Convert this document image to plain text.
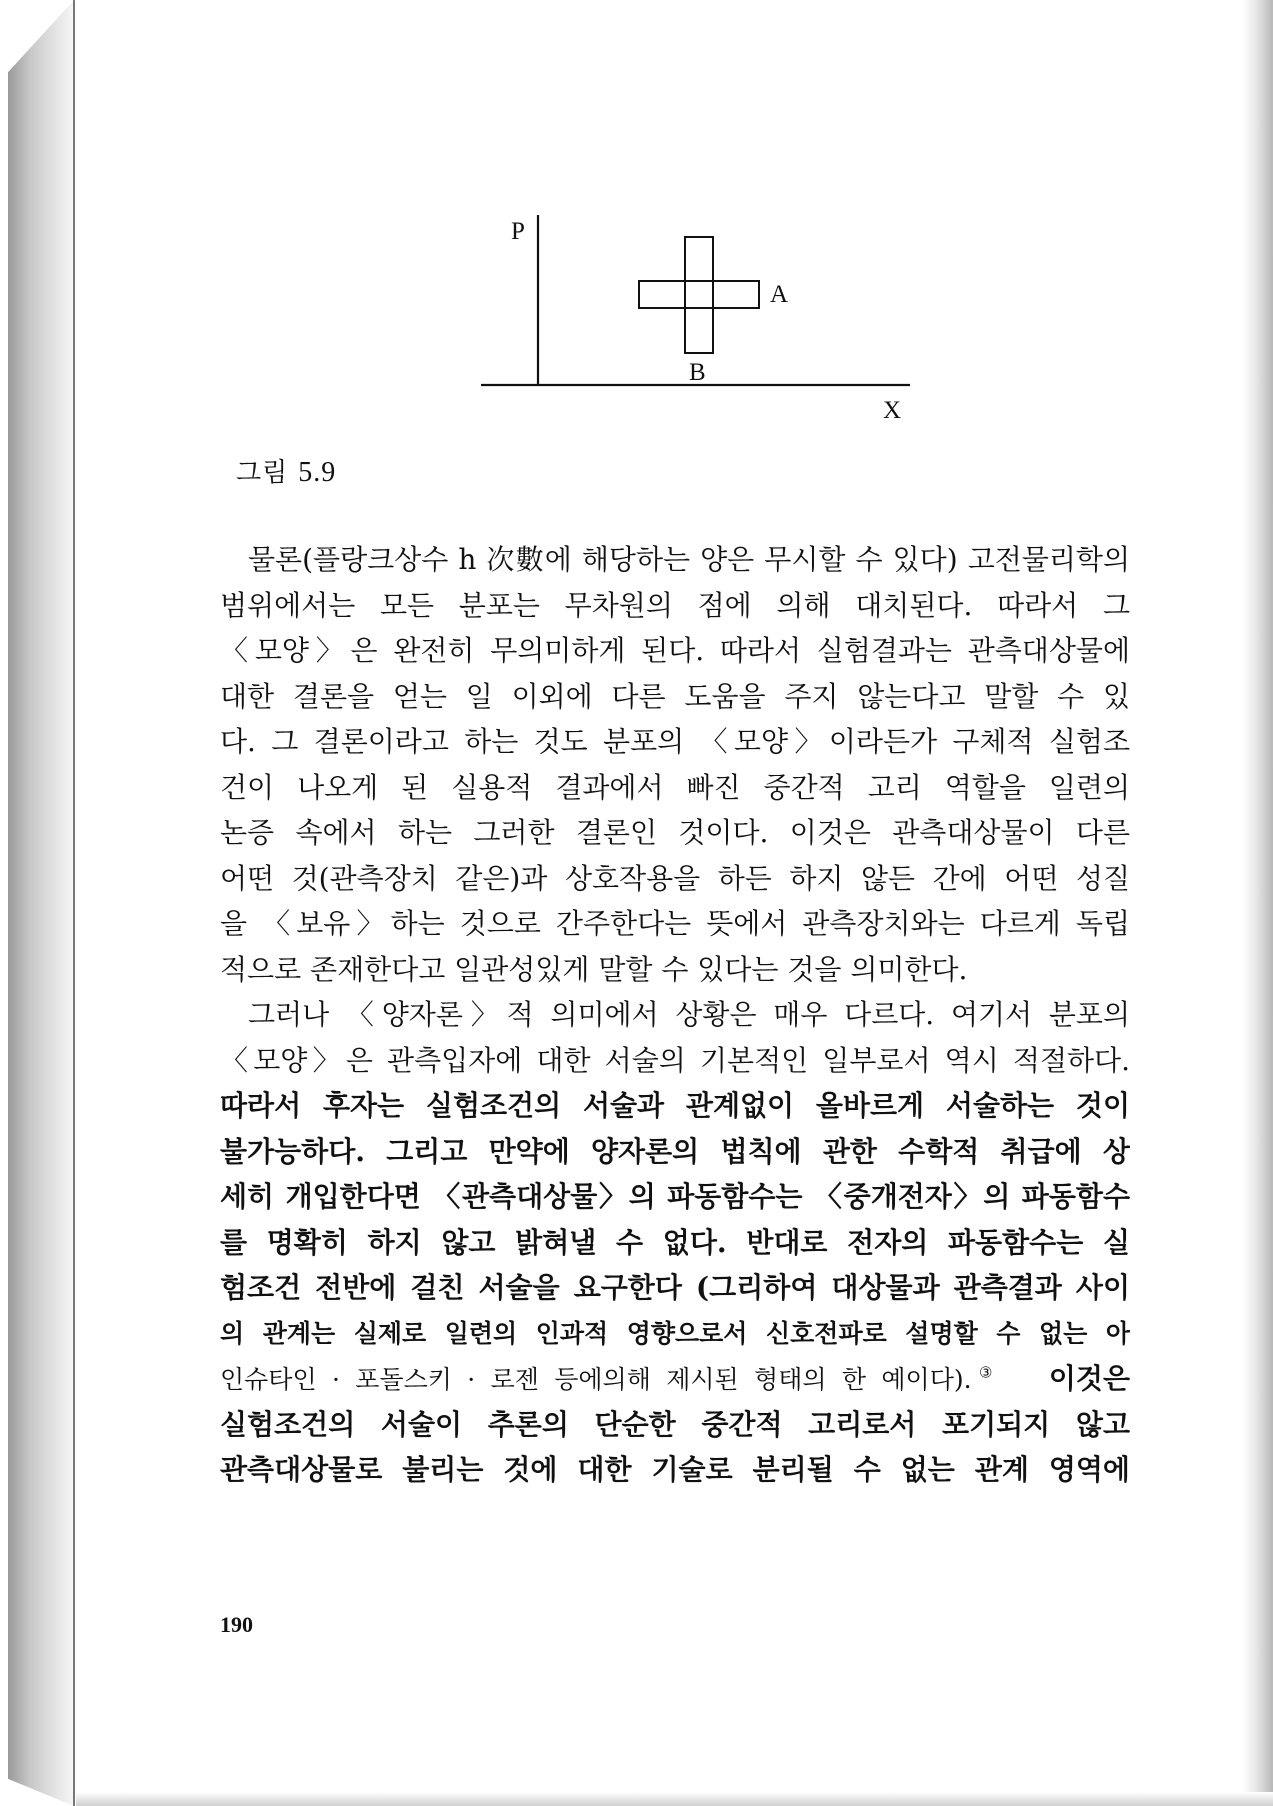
P
A
B
X
그림 5.9
물론(플랑크상수 h 次數에 해당하는 양은 무시할 수 있다) 고전물리학의
범위에서는 모든 분포는 무차원의 점에 의해 대치된다. 따라서 그
〈모양〉은 완전히 무의미하게 된다. 따라서 실험결과는 관측대상물에
대한 결론을 얻는 일 이외에 다른 도움을 주지 않는다고 말할 수 있
다. 그 결론이라고 하는 것도 분포의 〈모양〉이라든가 구체적 실험조
건이 나오게 된 실용적 결과에서 빠진 중간적 고리 역할을 일련의
논증 속에서 하는 그러한 결론인 것이다. 이것은 관측대상물이 다른
어떤 것(관측장치 같은)과 상호작용을 하든 하지 않든 간에 어떤 성질
을 〈보유〉하는 것으로 간주한다는 뜻에서 관측장치와는 다르게 독립
적으로 존재한다고 일관성있게 말할 수 있다는 것을 의미한다.
그러나 〈양자론〉적 의미에서 상황은 매우 다르다. 여기서 분포의
〈모양〉은 관측입자에 대한 서술의 기본적인 일부로서 역시 적절하다.
따라서 후자는 실험조건의 서술과 관계없이 올바르게 서술하는 것이
불가능하다. 그리고 만약에 양자론의 법칙에 관한 수학적 취급에 상
세히 개입한다면 〈관측대상물〉의 파동함수는 〈중개전자〉의 파동함수
를 명확히 하지 않고 밝혀낼 수 없다. 반대로 전자의 파동함수는 실
험조건 전반에 걸친 서술을 요구한다 (그리하여 대상물과 관측결과 사이
의 관계는 실제로 일련의 인과적 영향으로서 신호전파로 설명할 수 없는 아
인슈타인 · 포돌스키 · 로젠 등에의해 제시된 형태의 한 예이다).③ 이것은
실험조건의 서술이 추론의 단순한 중간적 고리로서 포기되지 않고
관측대상물로 불리는 것에 대한 기술로 분리될 수 없는 관계 영역에
190
